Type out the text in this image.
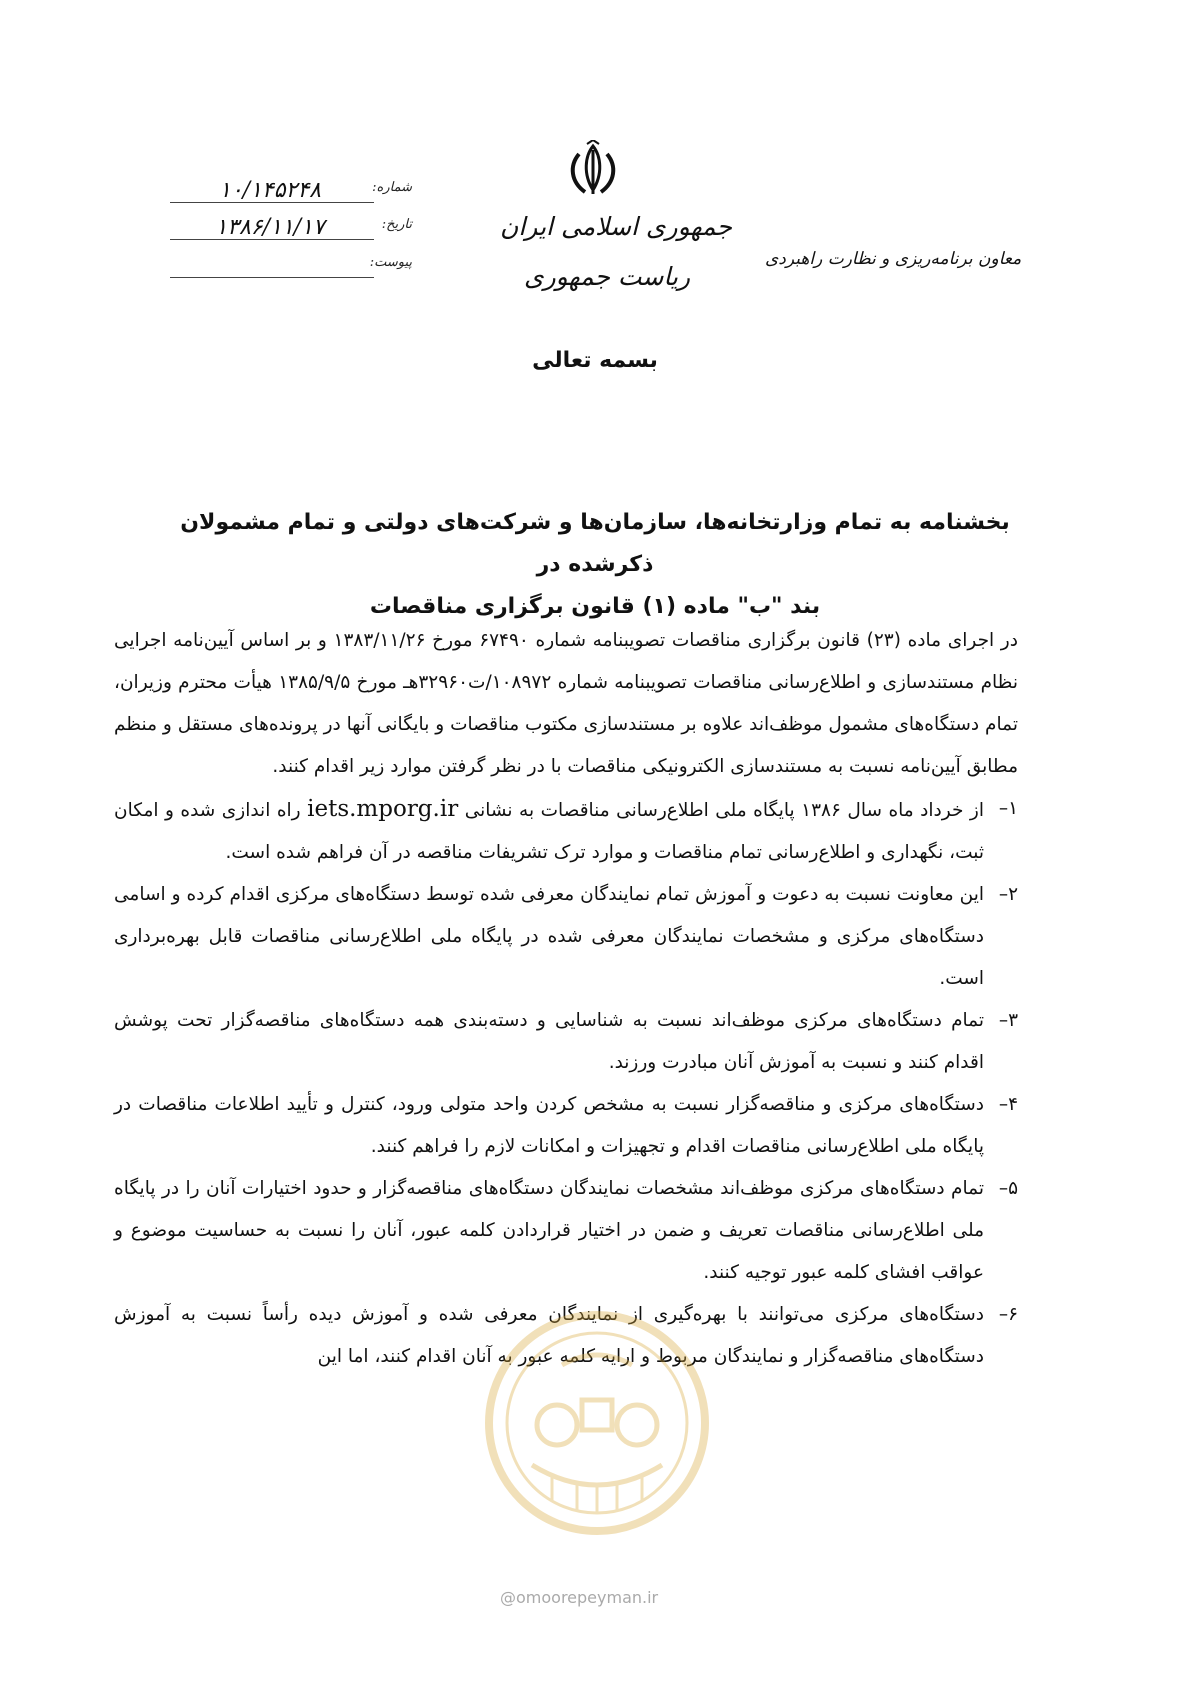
جمهوری اسلامی ایران
ریاست جمهوری
معاون برنامه‌ریزی و نظارت راهبردی
شماره:
۱۰/۱۴۵۲۴۸
تاریخ:
۱۳۸۶/۱۱/۱۷
پیوست:
بسمه تعالی
بخشنامه به تمام وزارتخانه‌ها، سازمان‌ها و شرکت‌های دولتی و تمام مشمولان ذکرشده در
بند "ب" ماده (۱) قانون برگزاری مناقصات

در اجرای ماده (۲۳) قانون برگزاری مناقصات تصویبنامه شماره ۶۷۴۹۰ مورخ ۱۳۸۳/۱۱/۲۶ و بر اساس آیین‌نامه اجرایی نظام مستندسازی و اطلاع‌رسانی مناقصات تصویبنامه شماره ۱۰۸۹۷۲/ت۳۲۹۶۰هـ مورخ ۱۳۸۵/۹/۵ هیأت محترم وزیران، تمام دستگاه‌های مشمول موظف‌اند علاوه بر مستندسازی مکتوب مناقصات و بایگانی آنها در پرونده‌های مستقل و منظم مطابق آیین‌نامه نسبت به مستندسازی الکترونیکی مناقصات با در نظر گرفتن موارد زیر اقدام کنند.

۱–
از خرداد ماه سال ۱۳۸۶ پایگاه ملی اطلاع‌رسانی مناقصات به نشانی iets.mporg.ir راه اندازی شده و امکان ثبت، نگهداری و اطلاع‌رسانی تمام مناقصات و موارد ترک تشریفات مناقصه در آن فراهم شده است.
۲–
این معاونت نسبت به دعوت و آموزش تمام نمایندگان معرفی شده توسط دستگاه‌های مرکزی اقدام کرده و اسامی دستگاه‌های مرکزی و مشخصات نمایندگان معرفی شده در پایگاه ملی اطلاع‌رسانی مناقصات قابل بهره‌برداری است.
۳–
تمام دستگاه‌های مرکزی موظف‌اند نسبت به شناسایی و دسته‌بندی همه دستگاه‌های مناقصه‌گزار تحت پوشش اقدام کنند و نسبت به آموزش آنان مبادرت ورزند.
۴–
دستگاه‌های مرکزی و مناقصه‌گزار نسبت به مشخص کردن واحد متولی ورود، کنترل و تأیید اطلاعات مناقصات در پایگاه ملی اطلاع‌رسانی مناقصات اقدام و تجهیزات و امکانات لازم را فراهم کنند.
۵–
تمام دستگاه‌های مرکزی موظف‌اند مشخصات نمایندگان دستگاه‌های مناقصه‌گزار و حدود اختیارات آنان را در پایگاه ملی اطلاع‌رسانی مناقصات تعریف و ضمن در اختیار قراردادن کلمه عبور، آنان را نسبت به حساسیت موضوع و عواقب افشای کلمه عبور توجیه کنند.
۶–
دستگاه‌های مرکزی می‌توانند با بهره‌گیری از نمایندگان معرفی شده و آموزش دیده رأساً نسبت به آموزش دستگاه‌های مناقصه‌گزار و نمایندگان مربوط و ارایه کلمه عبور به آنان اقدام کنند، اما این
@omoorepeyman.ir
